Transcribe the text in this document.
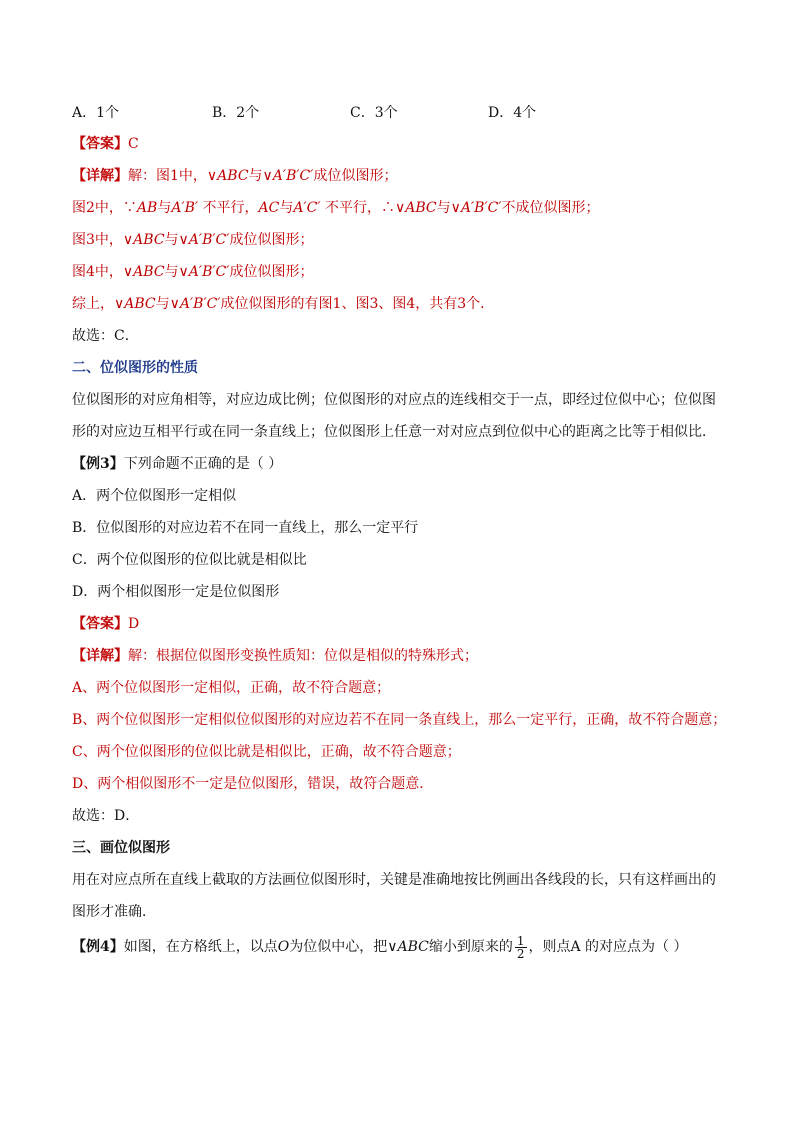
A．1个	B．2个	C．3个	D．4个
【答案】C
【详解】解：图1中，∨ABC与∨A′B′C′成位似图形；
图2中，∵AB与A′B′ 不平行，AC与A′C′ 不平行，∴∨ABC与∨A′B′C′不成位似图形；
图3中，∨ABC与∨A′B′C′成位似图形；
图4中，∨ABC与∨A′B′C′成位似图形；
综上，∨ABC与∨A′B′C′成位似图形的有图1、图3、图4，共有3个．
故选：C．
二、位似图形的性质
位似图形的对应角相等，对应边成比例；位似图形的对应点的连线相交于一点，即经过位似中心；位似图
形的对应边互相平行或在同一条直线上；位似图形上任意一对对应点到位似中心的距离之比等于相似比．
【例3】下列命题不正确的是（ ）
A．两个位似图形一定相似
B．位似图形的对应边若不在同一直线上，那么一定平行
C．两个位似图形的位似比就是相似比
D．两个相似图形一定是位似图形
【答案】D
【详解】解：根据位似图形变换性质知：位似是相似的特殊形式；
A、两个位似图形一定相似，正确，故不符合题意；
B、两个位似图形一定相似位似图形的对应边若不在同一条直线上，那么一定平行，正确，故不符合题意；
C、两个位似图形的位似比就是相似比，正确，故不符合题意；
D、两个相似图形不一定是位似图形，错误，故符合题意．
故选：D．
三、画位似图形
用在对应点所在直线上截取的方法画位似图形时，关键是准确地按比例画出各线段的长，只有这样画出的
图形才准确．
【例4】如图，在方格纸上，以点O为位似中心，把∨ABC缩小到原来的 $\frac{1}{2}$ ，则点A 的对应点为（ ）
